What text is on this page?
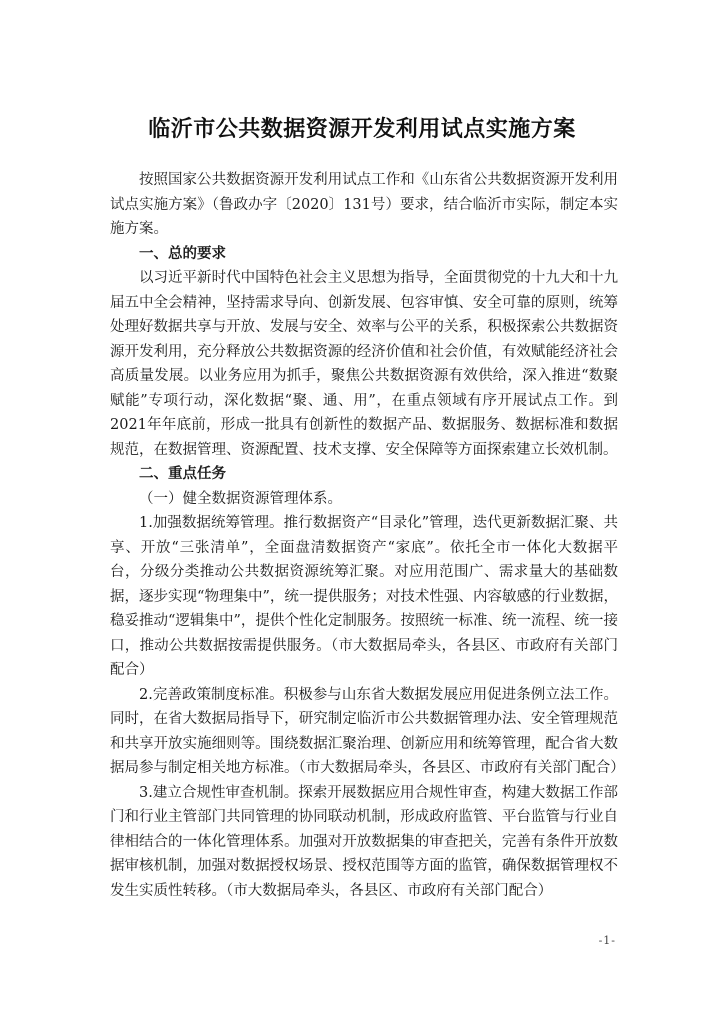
临沂市公共数据资源开发利用试点实施方案

按照国家公共数据资源开发利用试点工作和《山东省公共数据资源开发利用试点实施方案》（鲁政办字〔2020〕131号）要求，结合临沂市实际，制定本实施方案。

一、总的要求

以习近平新时代中国特色社会主义思想为指导，全面贯彻党的十九大和十九届五中全会精神，坚持需求导向、创新发展、包容审慎、安全可靠的原则，统筹处理好数据共享与开放、发展与安全、效率与公平的关系，积极探索公共数据资源开发利用，充分释放公共数据资源的经济价值和社会价值，有效赋能经济社会高质量发展。以业务应用为抓手，聚焦公共数据资源有效供给，深入推进“数聚赋能”专项行动，深化数据“聚、通、用”，在重点领域有序开展试点工作。到2021年年底前，形成一批具有创新性的数据产品、数据服务、数据标准和数据规范，在数据管理、资源配置、技术支撑、安全保障等方面探索建立长效机制。

二、重点任务

（一）健全数据资源管理体系。

1.加强数据统筹管理。推行数据资产“目录化”管理，迭代更新数据汇聚、共享、开放“三张清单”，全面盘清数据资产“家底”。依托全市一体化大数据平台，分级分类推动公共数据资源统筹汇聚。对应用范围广、需求量大的基础数据，逐步实现“物理集中”，统一提供服务；对技术性强、内容敏感的行业数据，稳妥推动“逻辑集中”，提供个性化定制服务。按照统一标准、统一流程、统一接口，推动公共数据按需提供服务。（市大数据局牵头，各县区、市政府有关部门配合）

2.完善政策制度标准。积极参与山东省大数据发展应用促进条例立法工作。同时，在省大数据局指导下，研究制定临沂市公共数据管理办法、安全管理规范和共享开放实施细则等。围绕数据汇聚治理、创新应用和统筹管理，配合省大数据局参与制定相关地方标准。（市大数据局牵头，各县区、市政府有关部门配合）

3.建立合规性审查机制。探索开展数据应用合规性审查，构建大数据工作部门和行业主管部门共同管理的协同联动机制，形成政府监管、平台监管与行业自律相结合的一体化管理体系。加强对开放数据集的审查把关，完善有条件开放数据审核机制，加强对数据授权场景、授权范围等方面的监管，确保数据管理权不发生实质性转移。（市大数据局牵头，各县区、市政府有关部门配合）

-1-
